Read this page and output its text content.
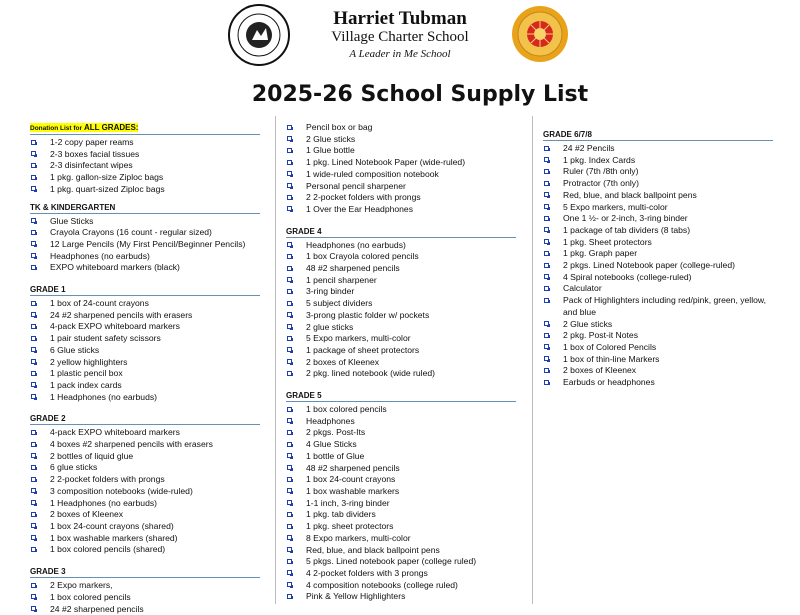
Harriet Tubman
Village Charter School
A Leader in Me School
2025-26 School Supply List
Donation List for ALL GRADES:
1-2 copy paper reams
2-3 boxes facial tissues
2-3 disinfectant wipes
1 pkg. gallon-size Ziploc bags
1 pkg. quart-sized Ziploc bags
TK & KINDERGARTEN
Glue Sticks
Crayola Crayons (16 count - regular sized)
12 Large Pencils (My First Pencil/Beginner Pencils)
Headphones (no earbuds)
EXPO whiteboard markers (black)
GRADE 1
1 box of 24-count crayons
24 #2 sharpened pencils with erasers
4-pack EXPO whiteboard markers
1 pair student safety scissors
6 Glue sticks
2 yellow highlighters
1 plastic pencil box
1 pack index cards
1 Headphones (no earbuds)
GRADE 2
4-pack EXPO whiteboard markers
4 boxes #2 sharpened pencils with erasers
2 bottles of liquid glue
6 glue sticks
2 2-pocket folders with prongs
3 composition notebooks (wide-ruled)
1 Headphones (no earbuds)
2 boxes of Kleenex
1 box 24-count crayons (shared)
1 box washable markers (shared)
1 box colored pencils (shared)
GRADE 3
2 Expo markers,
1 box colored pencils
24 #2 sharpened pencils
Pencil box or bag
2 Glue sticks
1 Glue bottle
1 pkg. Lined Notebook Paper (wide-ruled)
1 wide-ruled composition notebook
Personal pencil sharpener
2 2-pocket folders with prongs
1 Over the Ear Headphones
GRADE 4
Headphones (no earbuds)
1 box Crayola colored pencils
48 #2 sharpened pencils
1 pencil sharpener
3-ring binder
5 subject dividers
3-prong plastic folder w/ pockets
2 glue sticks
5 Expo markers, multi-color
1 package of sheet protectors
2 boxes of Kleenex
2 pkg. lined notebook (wide ruled)
GRADE 5
1 box colored pencils
Headphones
2 pkgs. Post-Its
4 Glue Sticks
1 bottle of Glue
48 #2 sharpened pencils
1 box 24-count crayons
1 box washable markers
1-1 inch, 3-ring binder
1 pkg. tab dividers
1 pkg. sheet protectors
8 Expo markers, multi-color
Red, blue, and black ballpoint pens
5 pkgs. Lined notebook paper (college ruled)
4 2-pocket folders with 3 prongs
4 composition notebooks (college ruled)
Pink & Yellow Highlighters
GRADE 6/7/8
24 #2 Pencils
1 pkg. Index Cards
Ruler (7th /8th only)
Protractor (7th only)
Red, blue, and black ballpoint pens
5 Expo markers, multi-color
One 1 ½- or 2-inch, 3-ring binder
1 package of tab dividers (8 tabs)
1 pkg. Sheet protectors
1 pkg. Graph paper
2 pkgs. Lined Notebook paper (college-ruled)
4 Spiral notebooks (college-ruled)
Calculator
Pack of Highlighters including red/pink, green, yellow, and blue
2 Glue sticks
2 pkg. Post-it Notes
1 box of Colored Pencils
1 box of thin-line Markers
2 boxes of Kleenex
Earbuds or headphones
